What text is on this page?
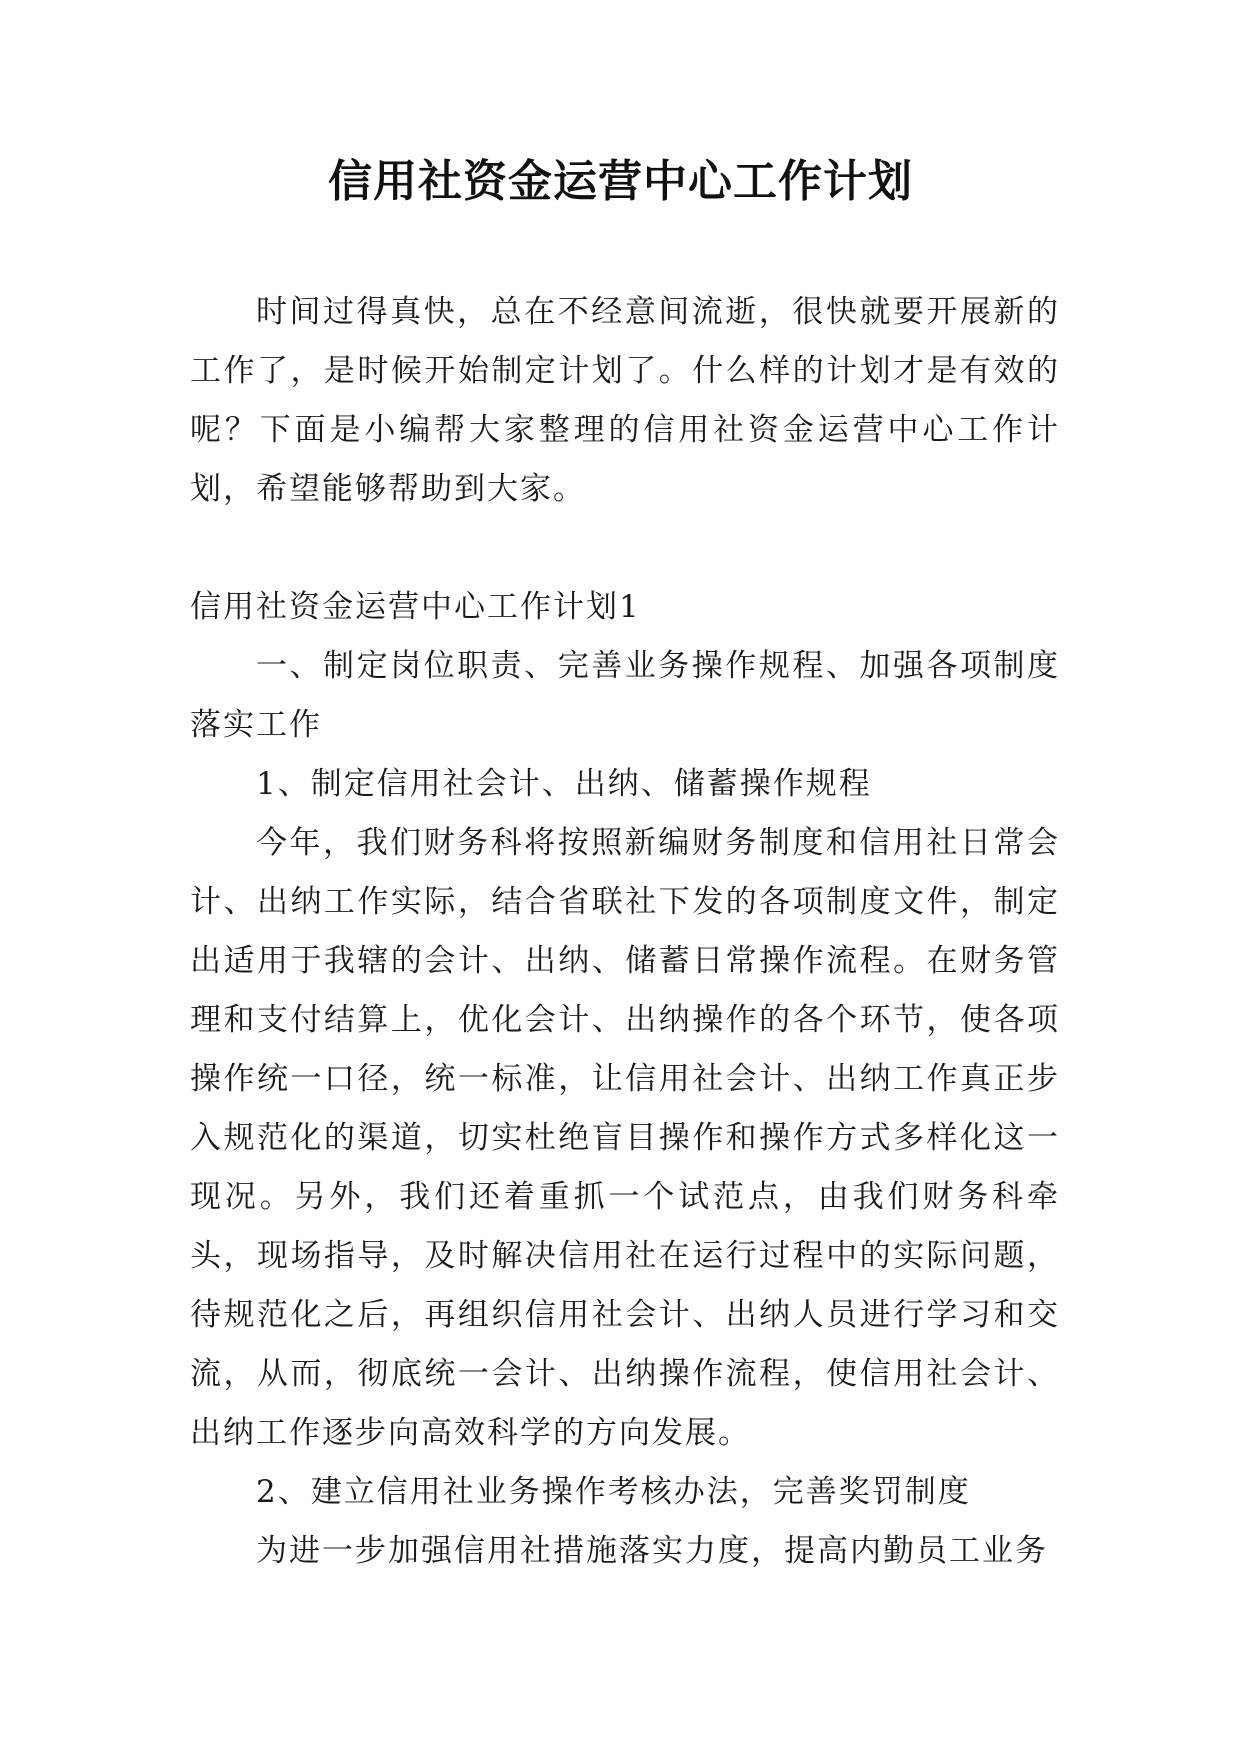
信用社资金运营中心工作计划

时间过得真快，总在不经意间流逝，很快就要开展新的工作了，是时候开始制定计划了。什么样的计划才是有效的呢？下面是小编帮大家整理的信用社资金运营中心工作计划，希望能够帮助到大家。

信用社资金运营中心工作计划1

一、制定岗位职责、完善业务操作规程、加强各项制度落实工作

1、制定信用社会计、出纳、储蓄操作规程

今年，我们财务科将按照新编财务制度和信用社日常会计、出纳工作实际，结合省联社下发的各项制度文件，制定出适用于我辖的会计、出纳、储蓄日常操作流程。在财务管理和支付结算上，优化会计、出纳操作的各个环节，使各项操作统一口径，统一标准，让信用社会计、出纳工作真正步入规范化的渠道，切实杜绝盲目操作和操作方式多样化这一现况。另外，我们还着重抓一个试范点，由我们财务科牵头，现场指导，及时解决信用社在运行过程中的实际问题，待规范化之后，再组织信用社会计、出纳人员进行学习和交流，从而，彻底统一会计、出纳操作流程，使信用社会计、出纳工作逐步向高效科学的方向发展。

2、建立信用社业务操作考核办法，完善奖罚制度

为进一步加强信用社措施落实力度，提高内勤员工业务
